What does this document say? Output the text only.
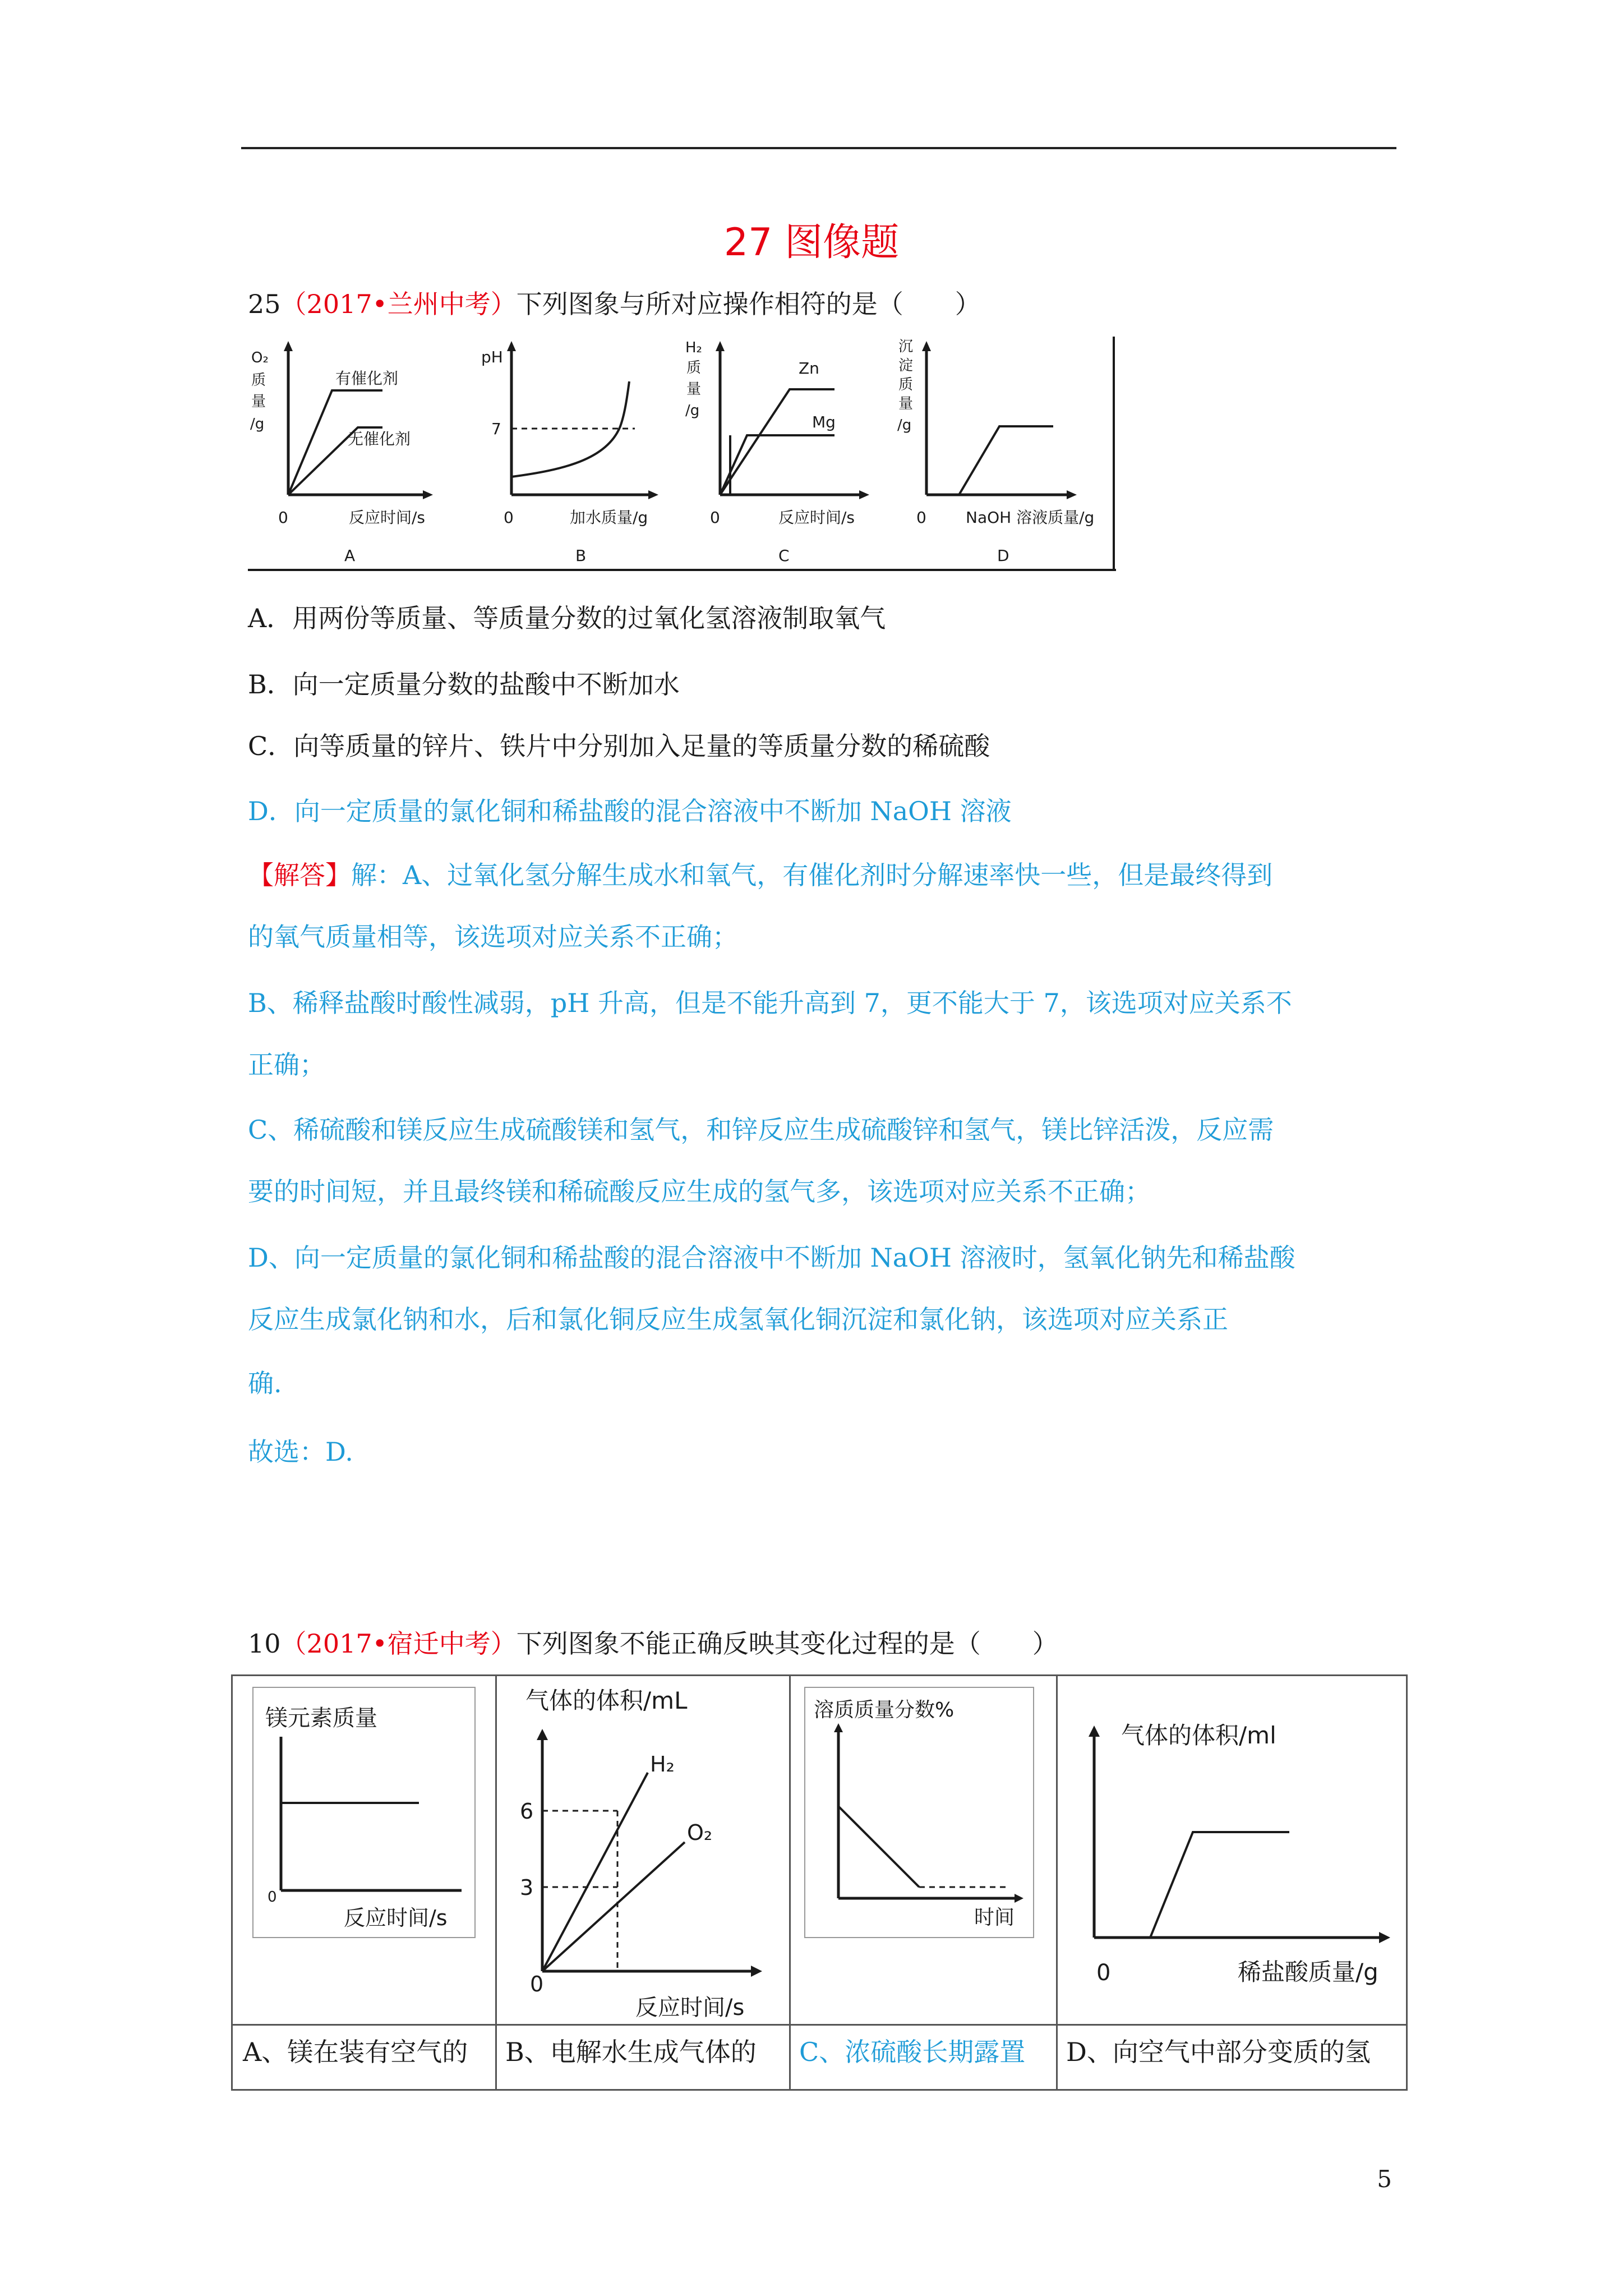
27 图像题
25（2017•兰州中考）下列图象与所对应操作相符的是（　　）
O₂
质
量
/g
有催化剂
无催化剂
0	反应时间/s
A
pH
7
0	加水质量/g
B
H₂
质
量
/g
Zn
Mg
0	反应时间/s
C
沉
淀
质
量
/g
0	NaOH 溶液质量/g
D
A．用两份等质量、等质量分数的过氧化氢溶液制取氧气
B．向一定质量分数的盐酸中不断加水
C．向等质量的锌片、铁片中分别加入足量的等质量分数的稀硫酸
D．向一定质量的氯化铜和稀盐酸的混合溶液中不断加 NaOH 溶液
【解答】解：A、过氧化氢分解生成水和氧气，有催化剂时分解速率快一些，但是最终得到
的氧气质量相等，该选项对应关系不正确；
B、稀释盐酸时酸性减弱，pH 升高，但是不能升高到 7，更不能大于 7，该选项对应关系不
正确；
C、稀硫酸和镁反应生成硫酸镁和氢气，和锌反应生成硫酸锌和氢气，镁比锌活泼，反应需
要的时间短，并且最终镁和稀硫酸反应生成的氢气多，该选项对应关系不正确；
D、向一定质量的氯化铜和稀盐酸的混合溶液中不断加 NaOH 溶液时，氢氧化钠先和稀盐酸
反应生成氯化钠和水，后和氯化铜反应生成氢氧化铜沉淀和氯化钠，该选项对应关系正
确.
故选：D.
10（2017•宿迁中考）下列图象不能正确反映其变化过程的是（　　）
镁元素质量
0
反应时间/s
A、镁在装有空气的
气体的体积/mL
6
3
H₂
O₂
0
反应时间/s
B、电解水生成气体的
溶质质量分数%
时间
C、浓硫酸长期露置
气体的体积/ml
0	稀盐酸质量/g
D、向空气中部分变质的氢
5
